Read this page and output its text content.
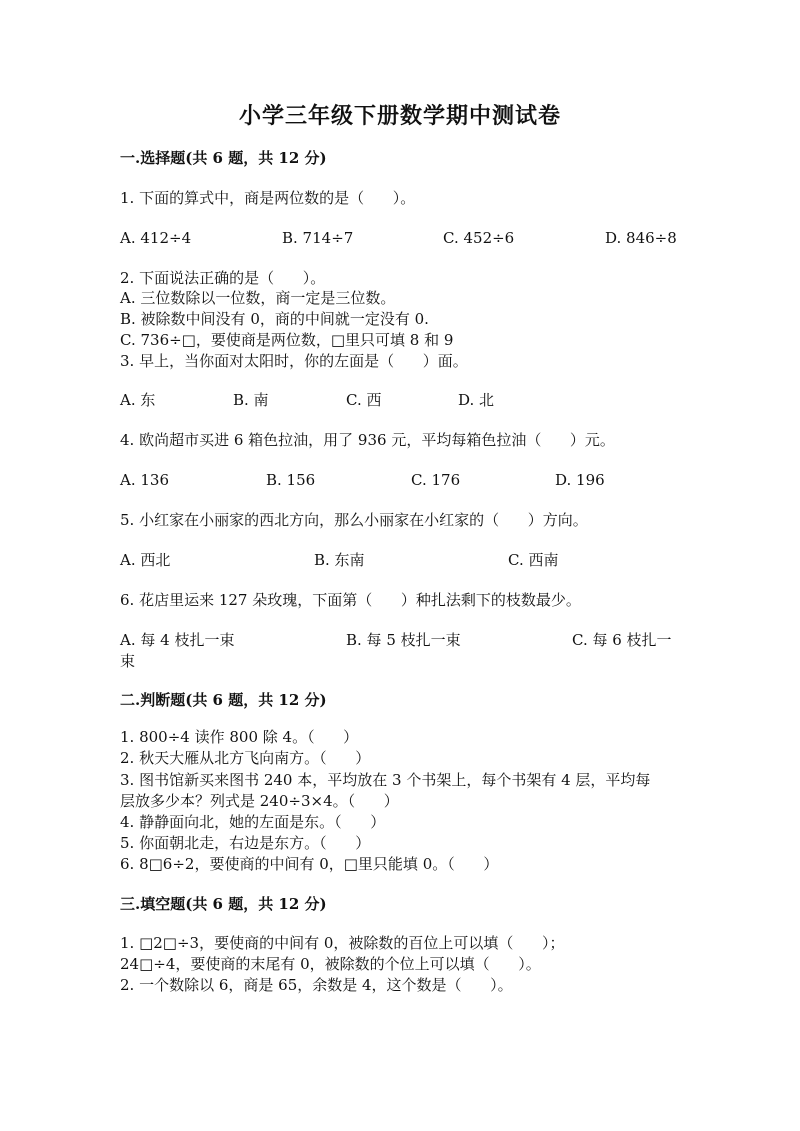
小学三年级下册数学期中测试卷
一.选择题(共 6 题，共 12 分)
1. 下面的算式中，商是两位数的是（      ）。
A. 412÷4	B. 714÷7	C. 452÷6	D. 846÷8
2. 下面说法正确的是（      ）。
A. 三位数除以一位数，商一定是三位数。
B. 被除数中间没有 0，商的中间就一定没有 0.
C. 736÷□，要使商是两位数，□里只可填 8 和 9
3. 早上，当你面对太阳时，你的左面是（      ）面。
A. 东	B. 南	C. 西	D. 北
4. 欧尚超市买进 6 箱色拉油，用了 936 元，平均每箱色拉油（      ）元。
A. 136	B. 156	C. 176	D. 196
5. 小红家在小丽家的西北方向，那么小丽家在小红家的（      ）方向。
A. 西北	B. 东南	C. 西南
6. 花店里运来 127 朵玫瑰，下面第（      ）种扎法剩下的枝数最少。
A. 每 4 枝扎一束	B. 每 5 枝扎一束	C. 每 6 枝扎一
束
二.判断题(共 6 题，共 12 分)
1. 800÷4 读作 800 除 4。（      ）
2. 秋天大雁从北方飞向南方。（      ）
3. 图书馆新买来图书 240 本，平均放在 3 个书架上，每个书架有 4 层，平均每
层放多少本？列式是 240÷3×4。（      ）
4. 静静面向北，她的左面是东。（      ）
5. 你面朝北走，右边是东方。（      ）
6. 8□6÷2，要使商的中间有 0，□里只能填 0。（      ）
三.填空题(共 6 题，共 12 分)
1. □2□÷3，要使商的中间有 0，被除数的百位上可以填（      ）；
24□÷4，要使商的末尾有 0，被除数的个位上可以填（      ）。
2. 一个数除以 6，商是 65，余数是 4，这个数是（      ）。
